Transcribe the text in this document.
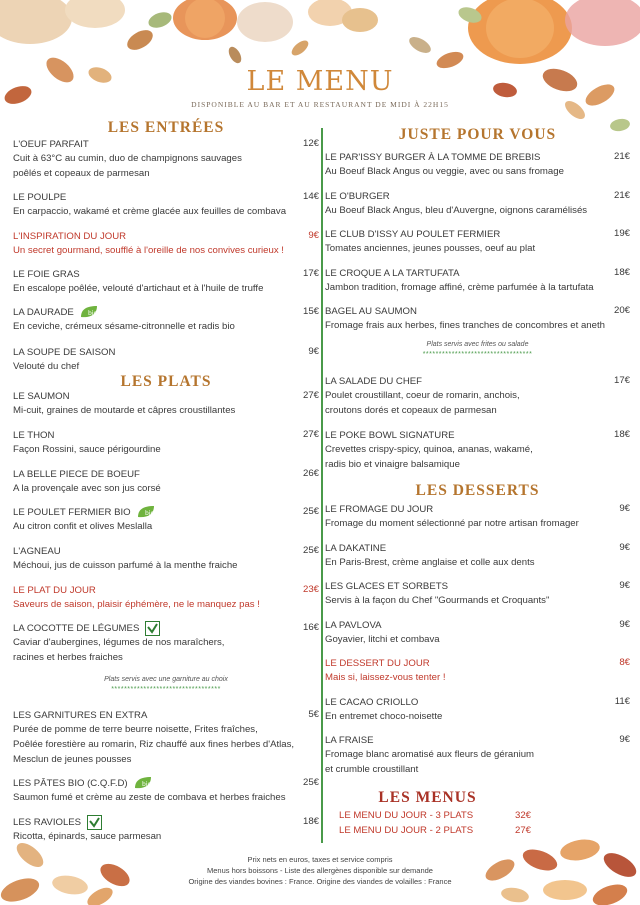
LE MENU
DISPONIBLE AU BAR ET AU RESTAURANT DE MIDI À 22H15
LES ENTRÉES
L'OEUF PARFAIT	12€
Cuit à 63°C au cumin, duo de champignons sauvages
poêlés et copeaux de parmesan
LE POULPE	14€
En carpaccio, wakamé et crème glacée aux feuilles de combava
L'INSPIRATION DU JOUR	9€
Un secret gourmand, soufflé à l'oreille de nos convives curieux !
LE FOIE GRAS	17€
En escalope poêlée, velouté d'artichaut et à l'huile de truffe
LA DAURADE bio	15€
En ceviche, crémeux sésame-citronnelle et radis bio
LA SOUPE DE SAISON	9€
Velouté du chef
LES PLATS
LE SAUMON	27€
Mi-cuit, graines de moutarde et câpres croustillantes
LE THON	27€
Façon Rossini, sauce périgourdine
LA BELLE PIECE DE BOEUF	26€
A la provençale avec son jus corsé
LE POULET FERMIER BIO bio	25€
Au citron confit et olives Meslalla
L'AGNEAU	25€
Méchoui, jus de cuisson parfumé à la menthe fraiche
LE PLAT DU JOUR	23€
Saveurs de saison, plaisir éphémère, ne le manquez pas !
LA COCOTTE DE LÉGUMES	16€
Caviar d'aubergines, légumes de nos maraîchers,
racines et herbes fraiches
Plats servis avec une garniture au choix
**********************************
LES GARNITURES EN EXTRA	5€
Purée de pomme de terre beurre noisette, Frites fraîches,
Poêlée forestière au romarin, Riz chauffé aux fines herbes d'Atlas,
Mesclun de jeunes pousses
LES PÂTES BIO (C.Q.F.D) bio	25€
Saumon fumé et crème au zeste de combava et herbes fraiches
LES RAVIOLES	18€
Ricotta, épinards, sauce parmesan
JUSTE POUR VOUS
LE PAR'ISSY BURGER À LA TOMME DE BREBIS	21€
Au Boeuf Black Angus ou veggie, avec ou sans fromage
LE O'BURGER	21€
Au Boeuf Black Angus, bleu d'Auvergne, oignons caramélisés
LE CLUB D'ISSY AU POULET FERMIER	19€
Tomates anciennes, jeunes pousses, oeuf au plat
LE CROQUE A LA TARTUFATA	18€
Jambon tradition, fromage affiné, crème parfumée à la tartufata
BAGEL AU SAUMON	20€
Fromage frais aux herbes, fines tranches de concombres et aneth
Plats servis avec frites ou salade
**********************************
LA SALADE DU CHEF	17€
Poulet croustillant, coeur de romarin, anchois,
croutons dorés et copeaux de parmesan
LE POKE BOWL SIGNATURE	18€
Crevettes crispy-spicy, quinoa, ananas, wakamé,
radis bio et vinaigre balsamique
LES DESSERTS
LE FROMAGE DU JOUR	9€
Fromage du moment sélectionné par notre artisan fromager
LA DAKATINE	9€
En Paris-Brest, crème anglaise et colle aux dents
LES GLACES ET SORBETS	9€
Servis à la façon du Chef "Gourmands et Croquants"
LA PAVLOVA	9€
Goyavier, litchi et combava
LE DESSERT DU JOUR	8€
Mais si, laissez-vous tenter !
LE CACAO CRIOLLO	11€
En entremet choco-noisette
LA FRAISE	9€
Fromage blanc aromatisé aux fleurs de géranium
et crumble croustillant
LES MENUS
LE MENU DU JOUR - 3 PLATS	32€
LE MENU DU JOUR - 2 PLATS	27€
Prix nets en euros, taxes et service compris
Menus hors boissons - Liste des allergènes disponible sur demande
Origine des viandes bovines : France. Origine des viandes de volailles : France
